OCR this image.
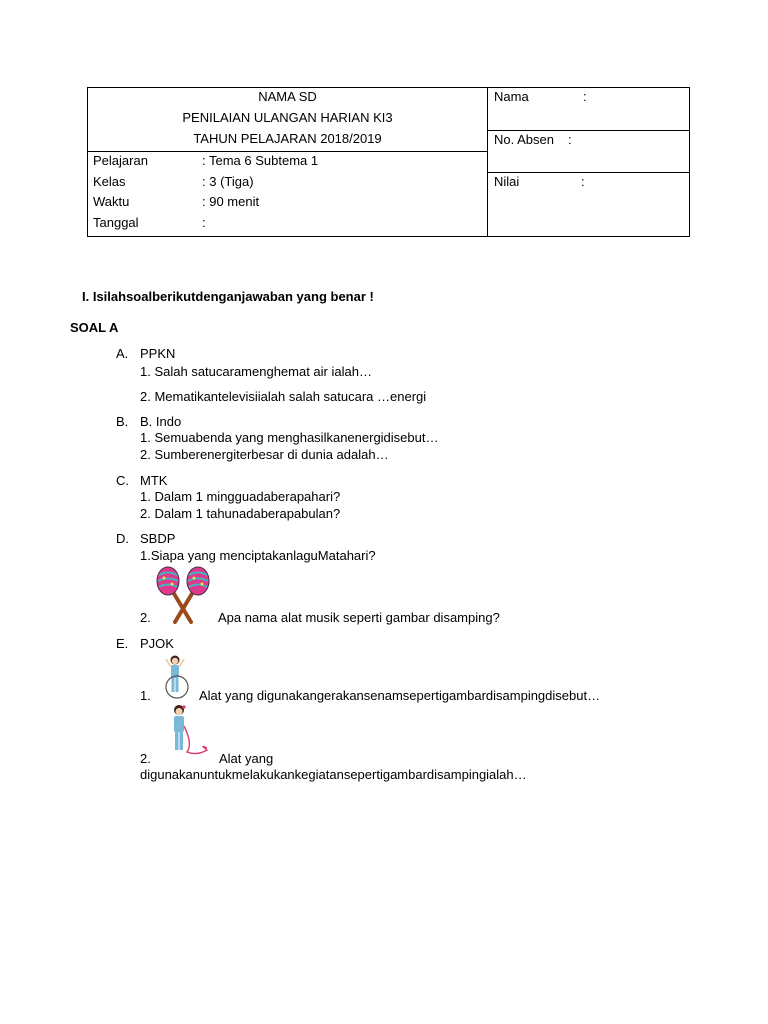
NAMA SD
PENILAIAN ULANGAN HARIAN KI3
TAHUN PELAJARAN 2018/2019
Pelajaran	: Tema 6 Subtema 1
Kelas	: 3 (Tiga)
Waktu	: 90 menit
Tanggal	:
Nama	:
No. Absen :
Nilai	:
I. Isilahsoalberikutdenganjawaban yang benar !
SOAL A
A. PPKN
1. Salah satucaramenghemat air ialah…
2. Mematikantelevisiialah salah satucara …energi
B. B. Indo
1. Semuabenda yang menghasilkanenergidisebut…
2. Sumberenergiterbesar di dunia adalah…
C. MTK
1. Dalam 1 mingguadaberapahari?
2. Dalam 1 tahunadaberapabulan?
D. SBDP
1.Siapa yang menciptakanlaguMatahari?
2.	Apa nama alat musik seperti gambar disamping?
E. PJOK
1.	Alat yang digunakangerakansenamsepertigambardisampingdisebut…
2.	Alat yang
digunakanuntukmelakukankegiatansepertigambardisampingialah…
